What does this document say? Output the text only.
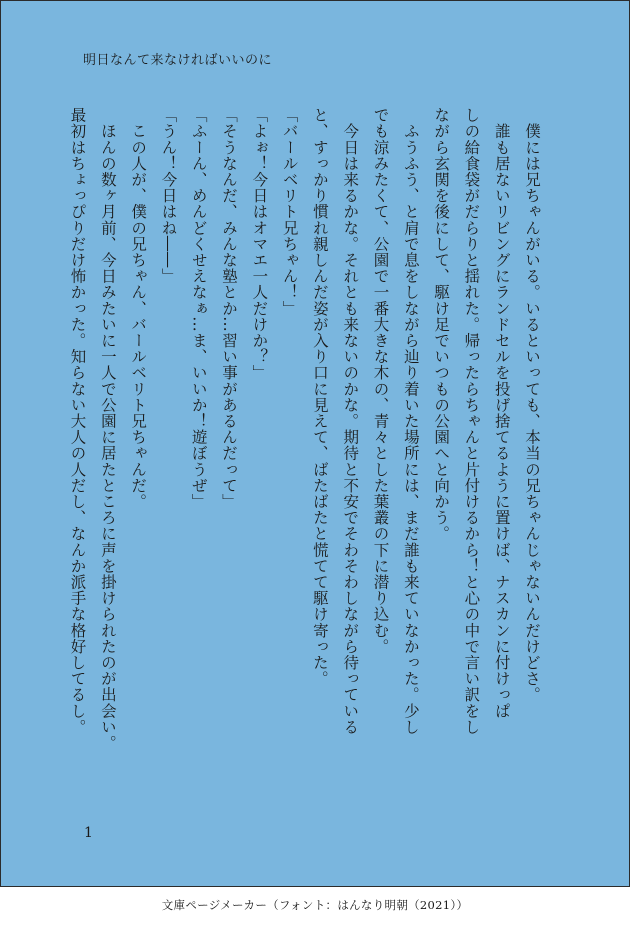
明日なんて来なければいいのに

　僕には兄ちゃんがいる。いるといっても、本当の兄ちゃんじゃないんだけどさ。

　誰も居ないリビングにランドセルを投げ捨てるように置けば、ナスカンに付けっぱ

しの給食袋がだらりと揺れた。帰ったらちゃんと片付けるから！と心の中で言い訳をし

ながら玄関を後にして、駆け足でいつもの公園へと向かう。

　ふうふう、と肩で息をしながら辿り着いた場所には、まだ誰も来ていなかった。少し

でも涼みたくて、公園で一番大きな木の、青々とした葉叢の下に潜り込む。

　今日は来るかな。それとも来ないのかな。期待と不安でそわそわしながら待っている

と、すっかり慣れ親しんだ姿が入り口に見えて、ばたばたと慌てて駆け寄った。

「バールベリト兄ちゃん！」

「よぉ！今日はオマエ一人だけか？」

「そうなんだ、みんな塾とか…習い事があるんだって」

「ふーん、めんどくせえなぁ…ま、いいか！遊ぼうぜ」

「うん！今日はね――」

　この人が、僕の兄ちゃん、バールベリト兄ちゃんだ。

　ほんの数ヶ月前、今日みたいに一人で公園に居たところに声を掛けられたのが出会い。

最初はちょっぴりだけ怖かった。知らない大人の人だし、なんか派手な格好してるし。

1
文庫ページメーカー（フォント：はんなり明朝（2021））
